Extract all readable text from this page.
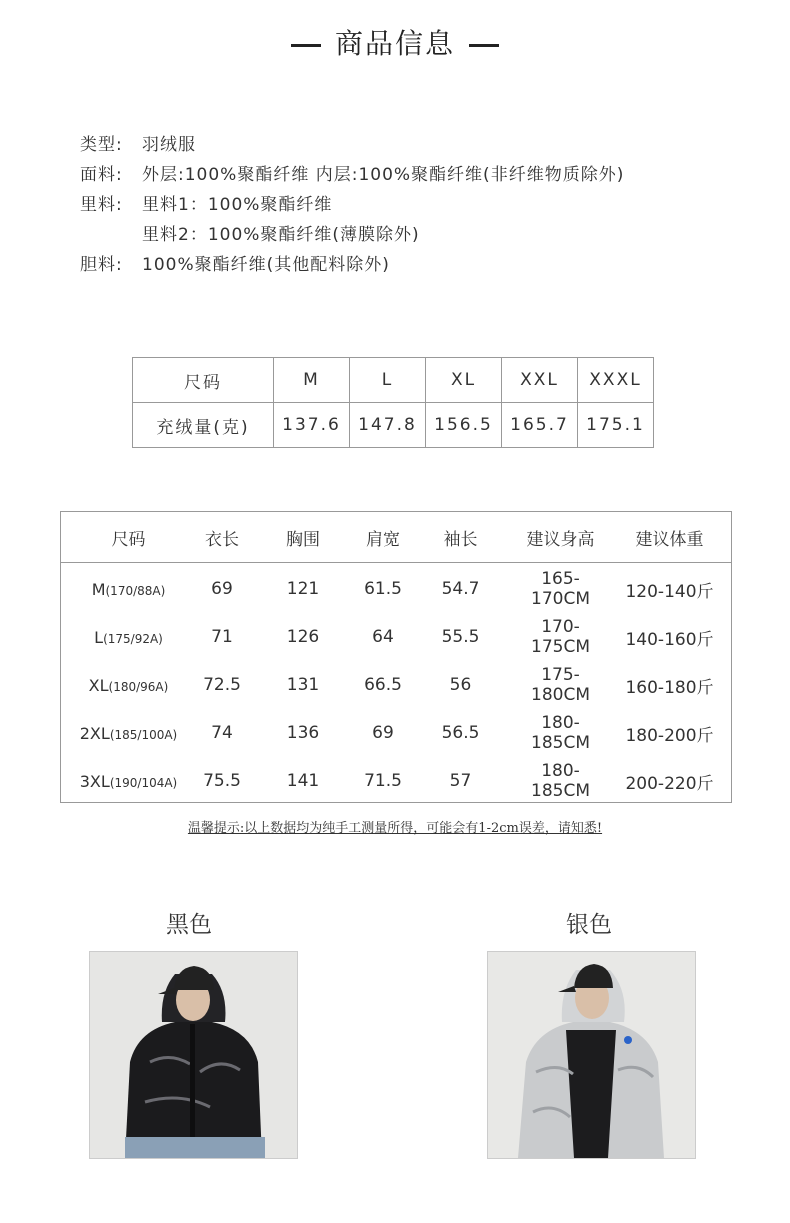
商品信息
类型:	羽绒服
面料:	外层:100%聚酯纤维 内层:100%聚酯纤维(非纤维物质除外)
里料:	里料1：100%聚酯纤维
里料2：100%聚酯纤维(薄膜除外)
胆料:	100%聚酯纤维(其他配料除外)
尺码	M	L	XL	XXL	XXXL
充绒量(克)	137.6	147.8	156.5	165.7	175.1
尺码	衣长	胸围	肩宽	袖长	建议身高	建议体重
M(170/88A)	69	121	61.5	54.7	165-170CM	120-140斤
L(175/92A)	71	126	64	55.5	170-175CM	140-160斤
XL(180/96A)	72.5	131	66.5	56	175-180CM	160-180斤
2XL(185/100A)	74	136	69	56.5	180-185CM	180-200斤
3XL(190/104A)	75.5	141	71.5	57	180-185CM	200-220斤
温馨提示:以上数据均为纯手工测量所得，可能会有1-2cm误差，请知悉!
黑色	银色
